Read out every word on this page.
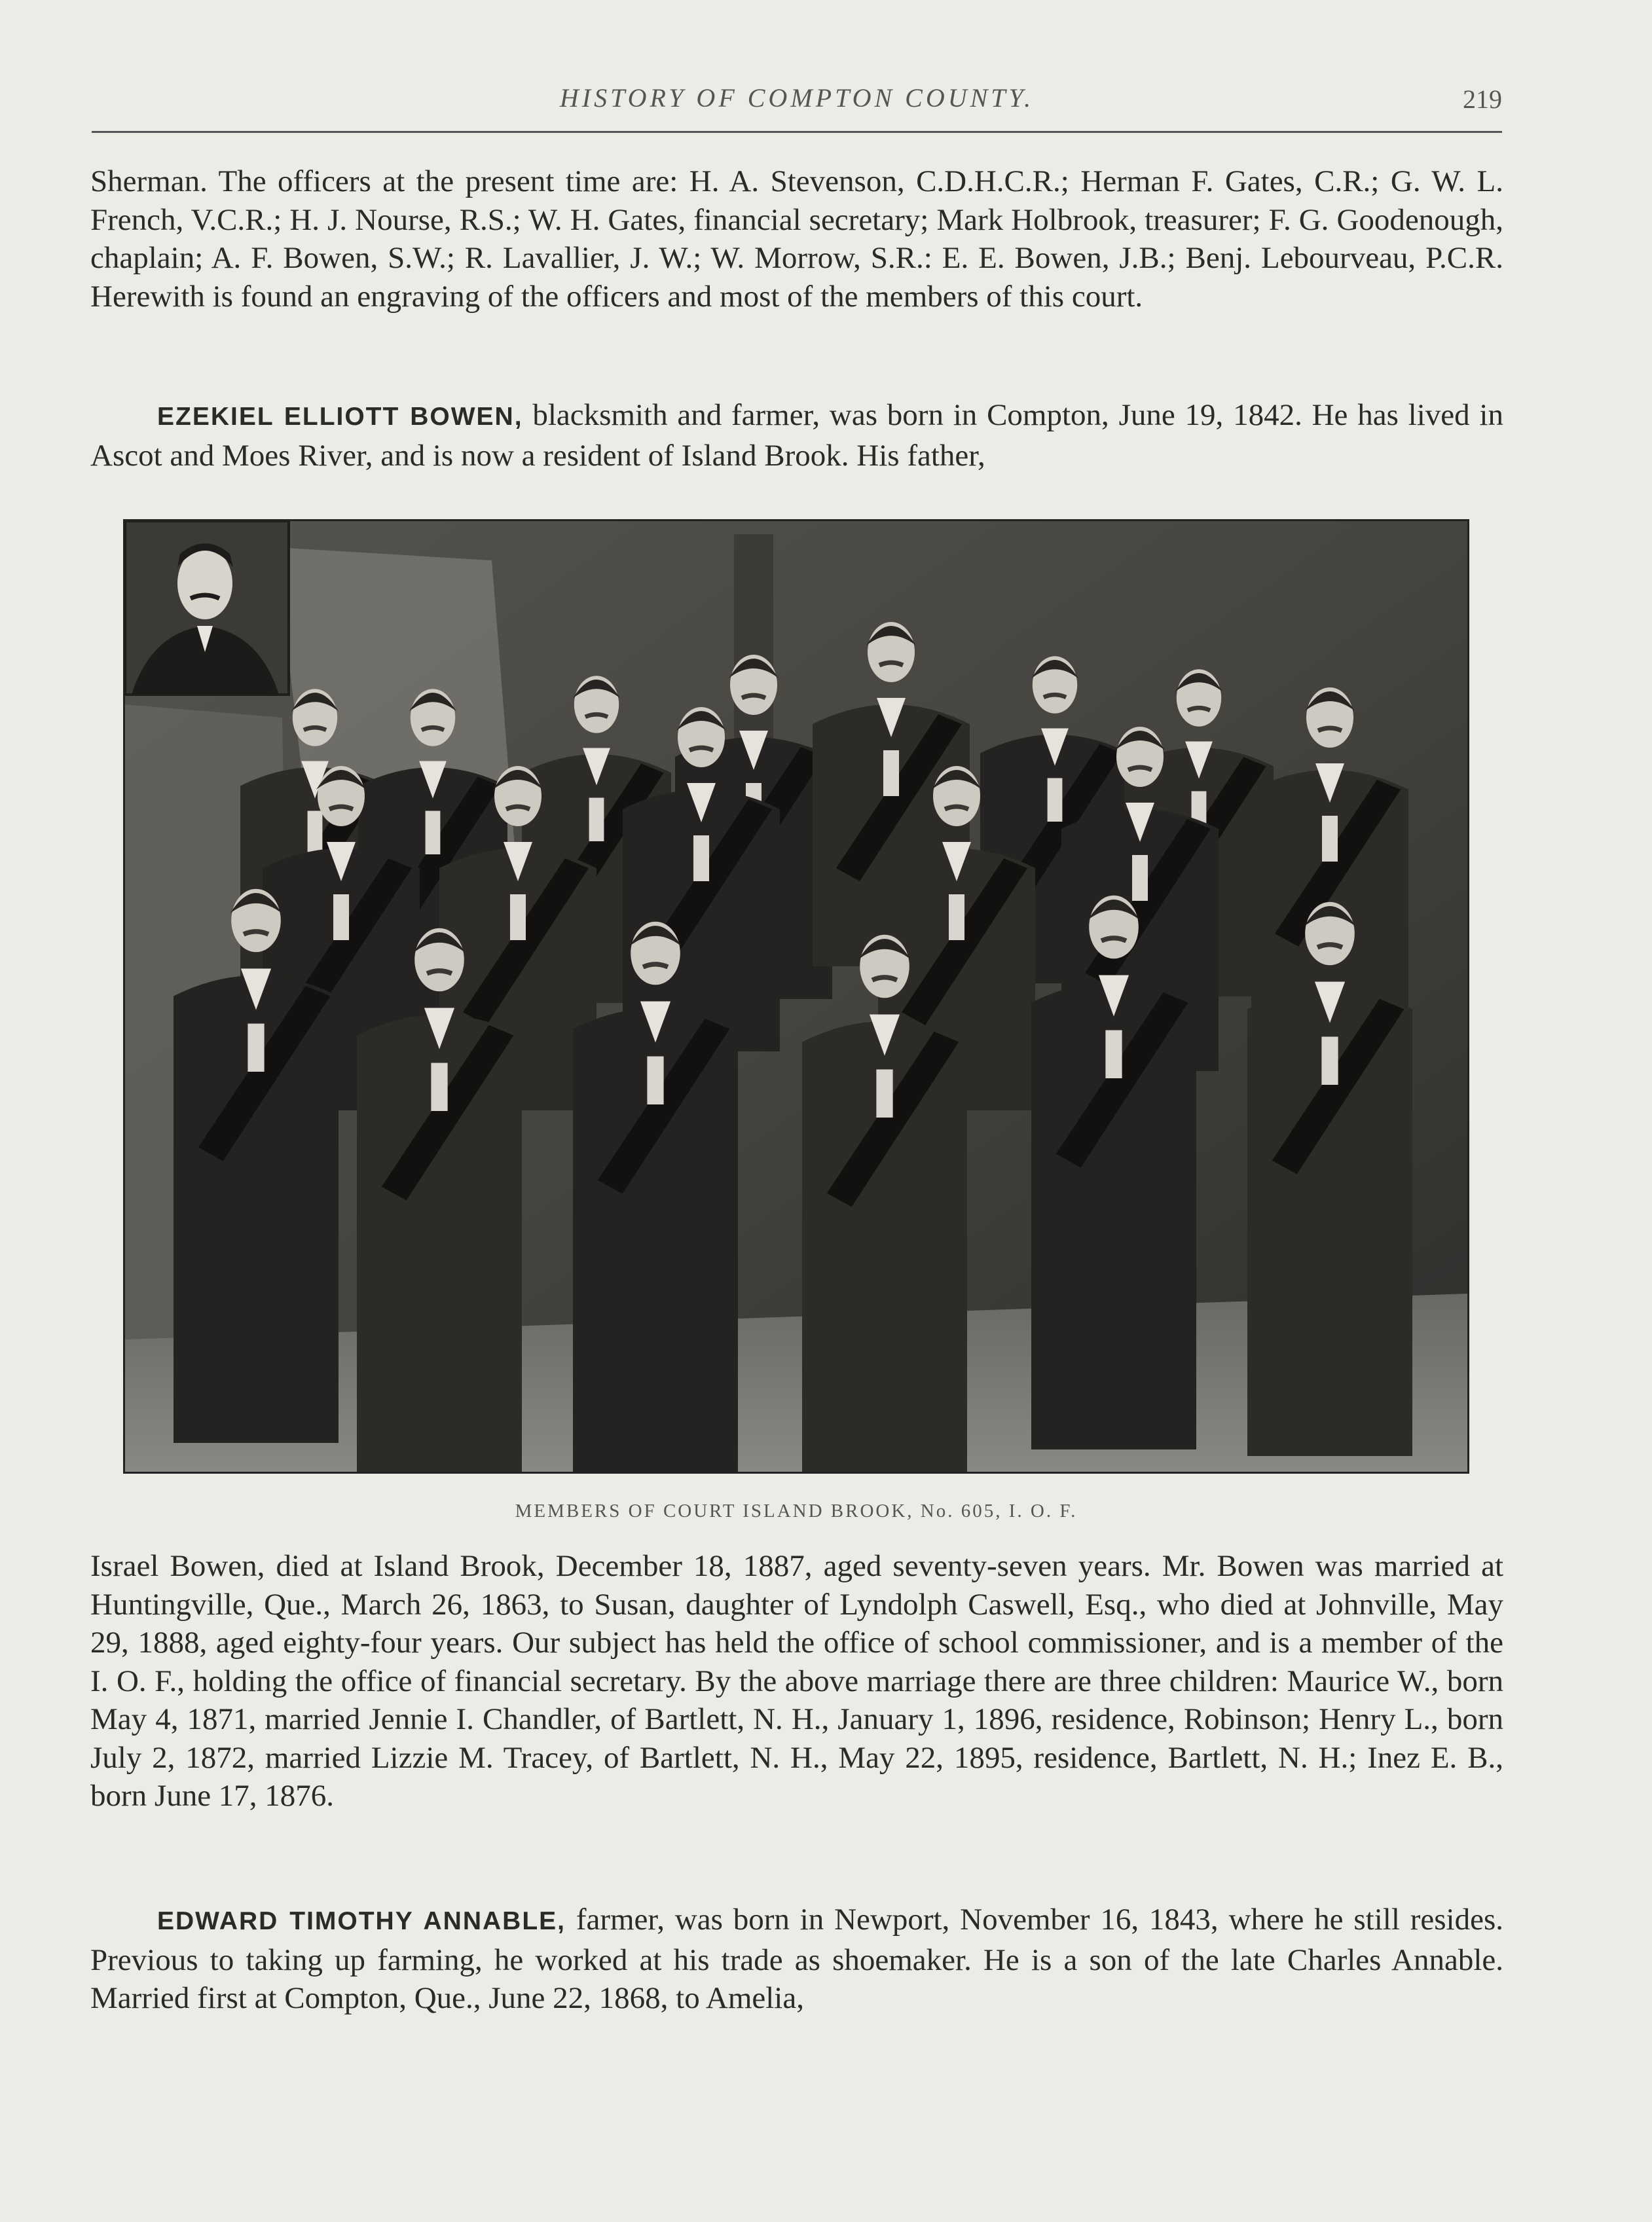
HISTORY OF COMPTON COUNTY.	219

Sherman. The officers at the present time are: H. A. Stevenson, C.D.H.C.R.; Herman F. Gates, C.R.; G. W. L. French, V.C.R.; H. J. Nourse, R.S.; W. H. Gates, financial secretary; Mark Holbrook, treasurer; F. G. Goodenough, chaplain; A. F. Bowen, S.W.; R. Lavallier, J. W.; W. Morrow, S.R.: E. E. Bowen, J.B.; Benj. Lebourveau, P.C.R. Herewith is found an engraving of the officers and most of the members of this court.

EZEKIEL ELLIOTT BOWEN, blacksmith and farmer, was born in Compton, June 19, 1842. He has lived in Ascot and Moes River, and is now a resident of Island Brook. His father,

MEMBERS OF COURT ISLAND BROOK, No. 605, I. O. F.

Israel Bowen, died at Island Brook, December 18, 1887, aged seventy-seven years. Mr. Bowen was married at Huntingville, Que., March 26, 1863, to Susan, daughter of Lyndolph Caswell, Esq., who died at Johnville, May 29, 1888, aged eighty-four years. Our subject has held the office of school commissioner, and is a member of the I. O. F., holding the office of financial secretary. By the above marriage there are three children: Maurice W., born May 4, 1871, married Jennie I. Chandler, of Bartlett, N. H., January 1, 1896, residence, Robinson; Henry L., born July 2, 1872, married Lizzie M. Tracey, of Bartlett, N. H., May 22, 1895, residence, Bartlett, N. H.; Inez E. B., born June 17, 1876.

EDWARD TIMOTHY ANNABLE, farmer, was born in Newport, November 16, 1843, where he still resides. Previous to taking up farming, he worked at his trade as shoemaker. He is a son of the late Charles Annable. Married first at Compton, Que., June 22, 1868, to Amelia,
